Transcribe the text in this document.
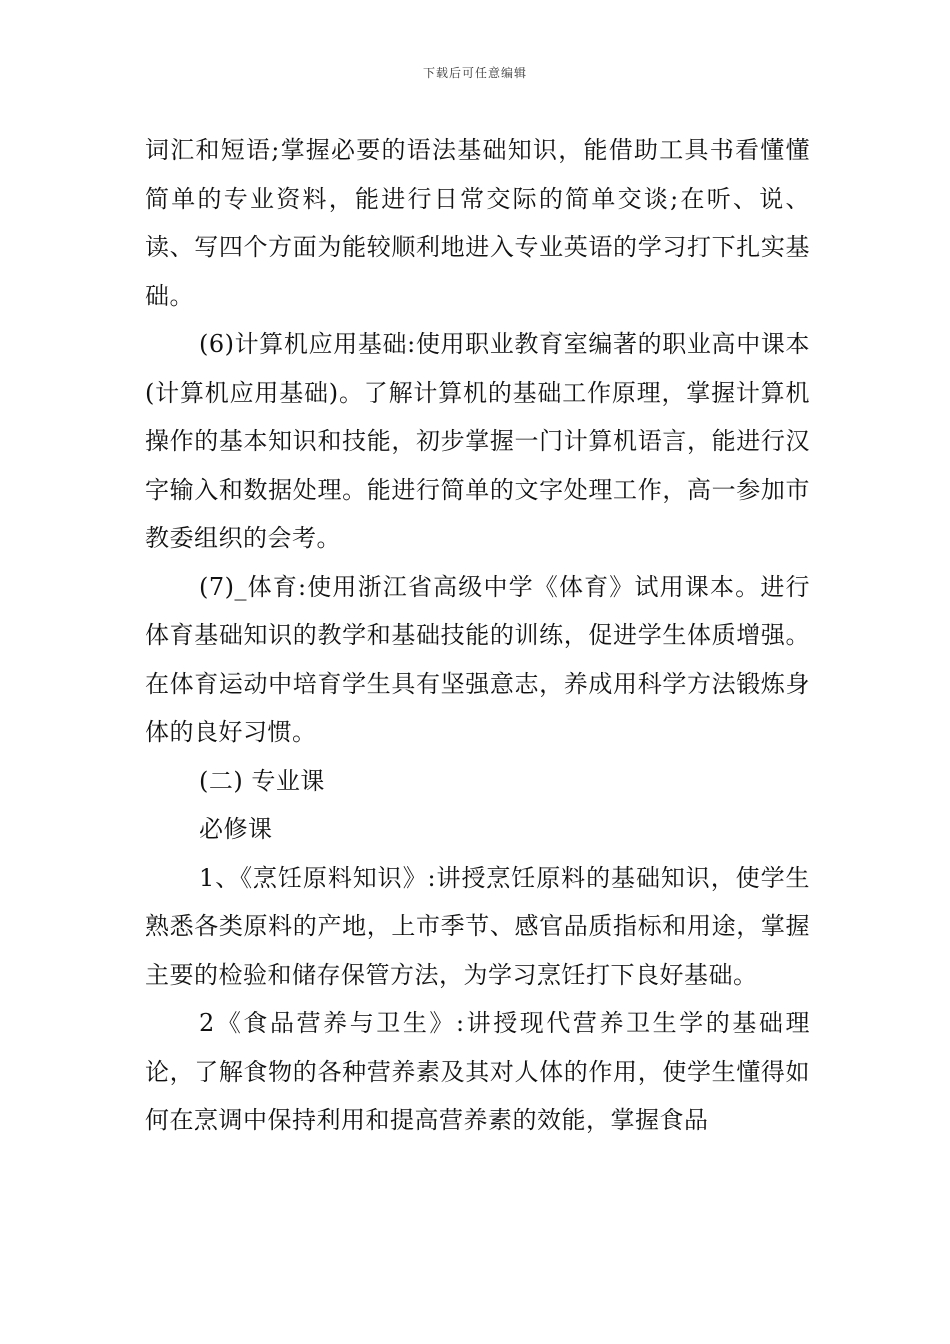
下载后可任意编辑

词汇和短语;掌握必要的语法基础知识，能借助工具书看懂懂简单的专业资料，能进行日常交际的简单交谈;在听、说、读、写四个方面为能较顺利地进入专业英语的学习打下扎实基础。

(6)计算机应用基础:使用职业教育室编著的职业高中课本(计算机应用基础)。了解计算机的基础工作原理，掌握计算机操作的基本知识和技能，初步掌握一门计算机语言，能进行汉字输入和数据处理。能进行简单的文字处理工作，高一参加市教委组织的会考。

(7)_体育:使用浙江省高级中学《体育》试用课本。进行体育基础知识的教学和基础技能的训练，促进学生体质增强。在体育运动中培育学生具有坚强意志，养成用科学方法锻炼身体的良好习惯。

(二) 专业课

必修课

1、《烹饪原料知识》:讲授烹饪原料的基础知识，使学生熟悉各类原料的产地，上市季节、感官品质指标和用途，掌握主要的检验和储存保管方法，为学习烹饪打下良好基础。

2《食品营养与卫生》:讲授现代营养卫生学的基础理论，了解食物的各种营养素及其对人体的作用，使学生懂得如何在烹调中保持利用和提高营养素的效能，掌握食品
